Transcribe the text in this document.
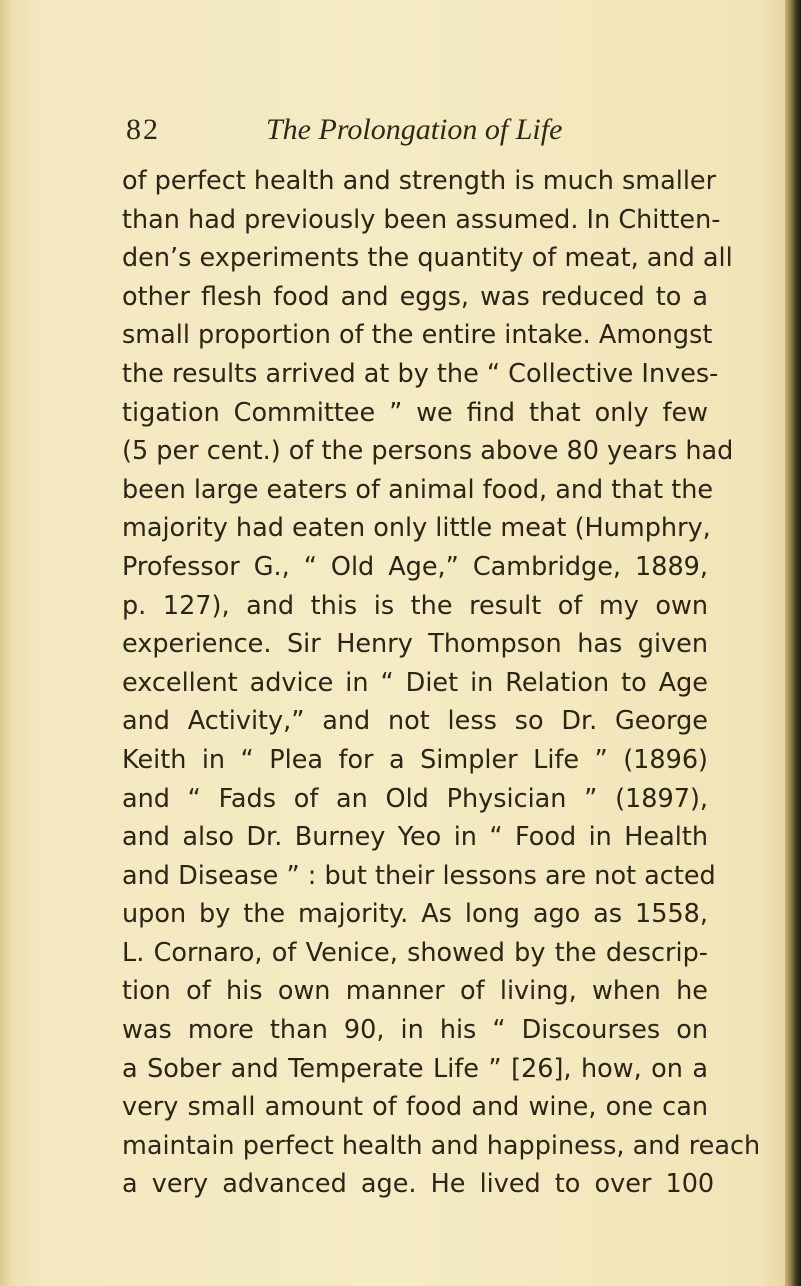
82	The Prolongation of Life
of perfect health and strength is much smaller
than had previously been assumed. In Chitten-
den’s experiments the quantity of meat, and all
other flesh food and eggs, was reduced to a
small proportion of the entire intake. Amongst
the results arrived at by the “ Collective Inves-
tigation Committee ” we find that only few
(5 per cent.) of the persons above 80 years had
been large eaters of animal food, and that the
majority had eaten only little meat (Humphry,
Professor G., “ Old Age,” Cambridge, 1889,
p. 127), and this is the result of my own
experience. Sir Henry Thompson has given
excellent advice in “ Diet in Relation to Age
and Activity,” and not less so Dr. George
Keith in “ Plea for a Simpler Life ” (1896)
and “ Fads of an Old Physician ” (1897),
and also Dr. Burney Yeo in “ Food in Health
and Disease ” : but their lessons are not acted
upon by the majority. As long ago as 1558,
L. Cornaro, of Venice, showed by the descrip-
tion of his own manner of living, when he
was more than 90, in his “ Discourses on
a Sober and Temperate Life ” [26], how, on a
very small amount of food and wine, one can
maintain perfect health and happiness, and reach
a very advanced age. He lived to over 100
